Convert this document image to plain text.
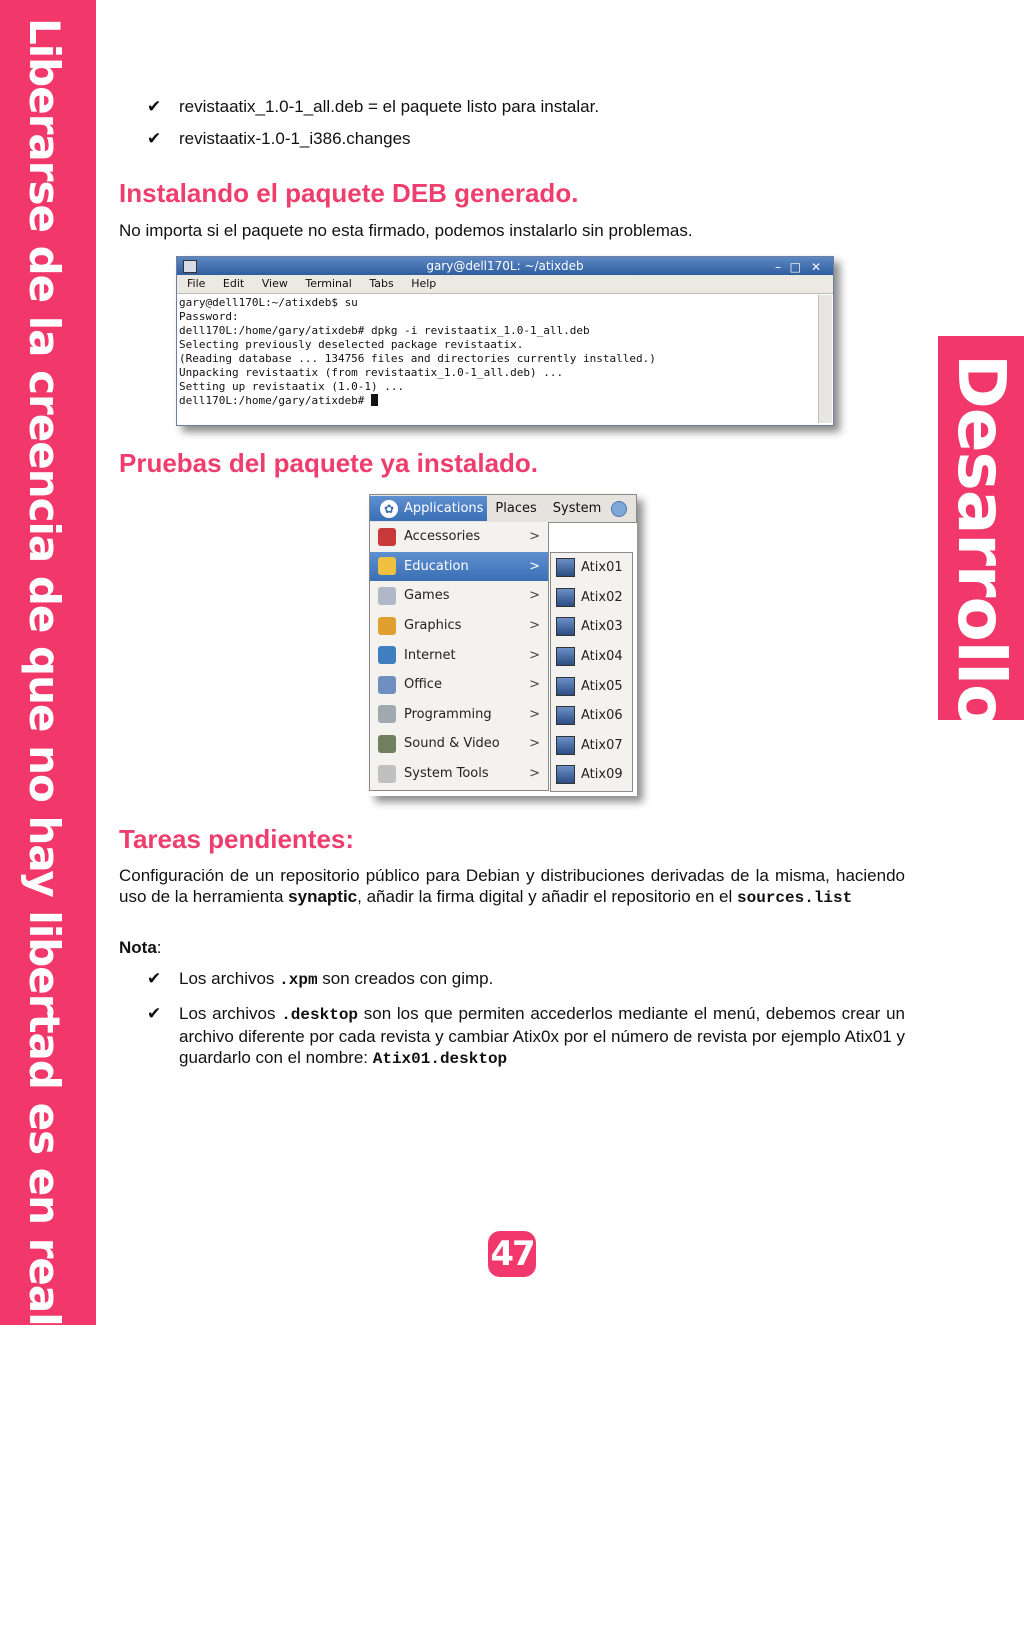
Liberarse de la creencia de que no hay libertad es en realidad ser libre	Desarrollo
✔ revistaatix_1.0-1_all.deb = el paquete listo para instalar.
✔ revistaatix-1.0-1_i386.changes
Instalando el paquete DEB generado.

No importa si el paquete no esta firmado, podemos instalarlo sin problemas.

Pruebas del paquete ya instalado.
Tareas pendientes:

Configuración de un repositorio público para Debian y distribuciones derivadas de la misma, haciendo uso de la herramienta synaptic, añadir la firma digital y añadir el repositorio en el sources.list

Nota:

✔ Los archivos .xpm son creados con gimp.
✔ Los archivos .desktop son los que permiten accederlos mediante el menú, debemos crear un archivo diferente por cada revista y cambiar Atix0x por el número de revista por ejemplo Atix01 y guardarlo con el nombre: Atix01.desktop
gary@dell170L: ~/atixdeb	– □ ✕
File Edit View Terminal Tabs Help
gary@dell170L:~/atixdeb$ su
Password:
dell170L:/home/gary/atixdeb# dpkg -i revistaatix_1.0-1_all.deb
Selecting previously deselected package revistaatix.
(Reading database ... 134756 files and directories currently installed.)
Unpacking revistaatix (from revistaatix_1.0-1_all.deb) ...
Setting up revistaatix (1.0-1) ...
dell170L:/home/gary/atixdeb#
✿ Applications Places	System
Accessories	>
Education	>
Games	>
Graphics	>
Internet	>
Office	>
Programming	>
Sound & Video >
System Tools	>
Atix01
Atix02
Atix03
Atix04
Atix05
Atix06
Atix07
Atix09
47
